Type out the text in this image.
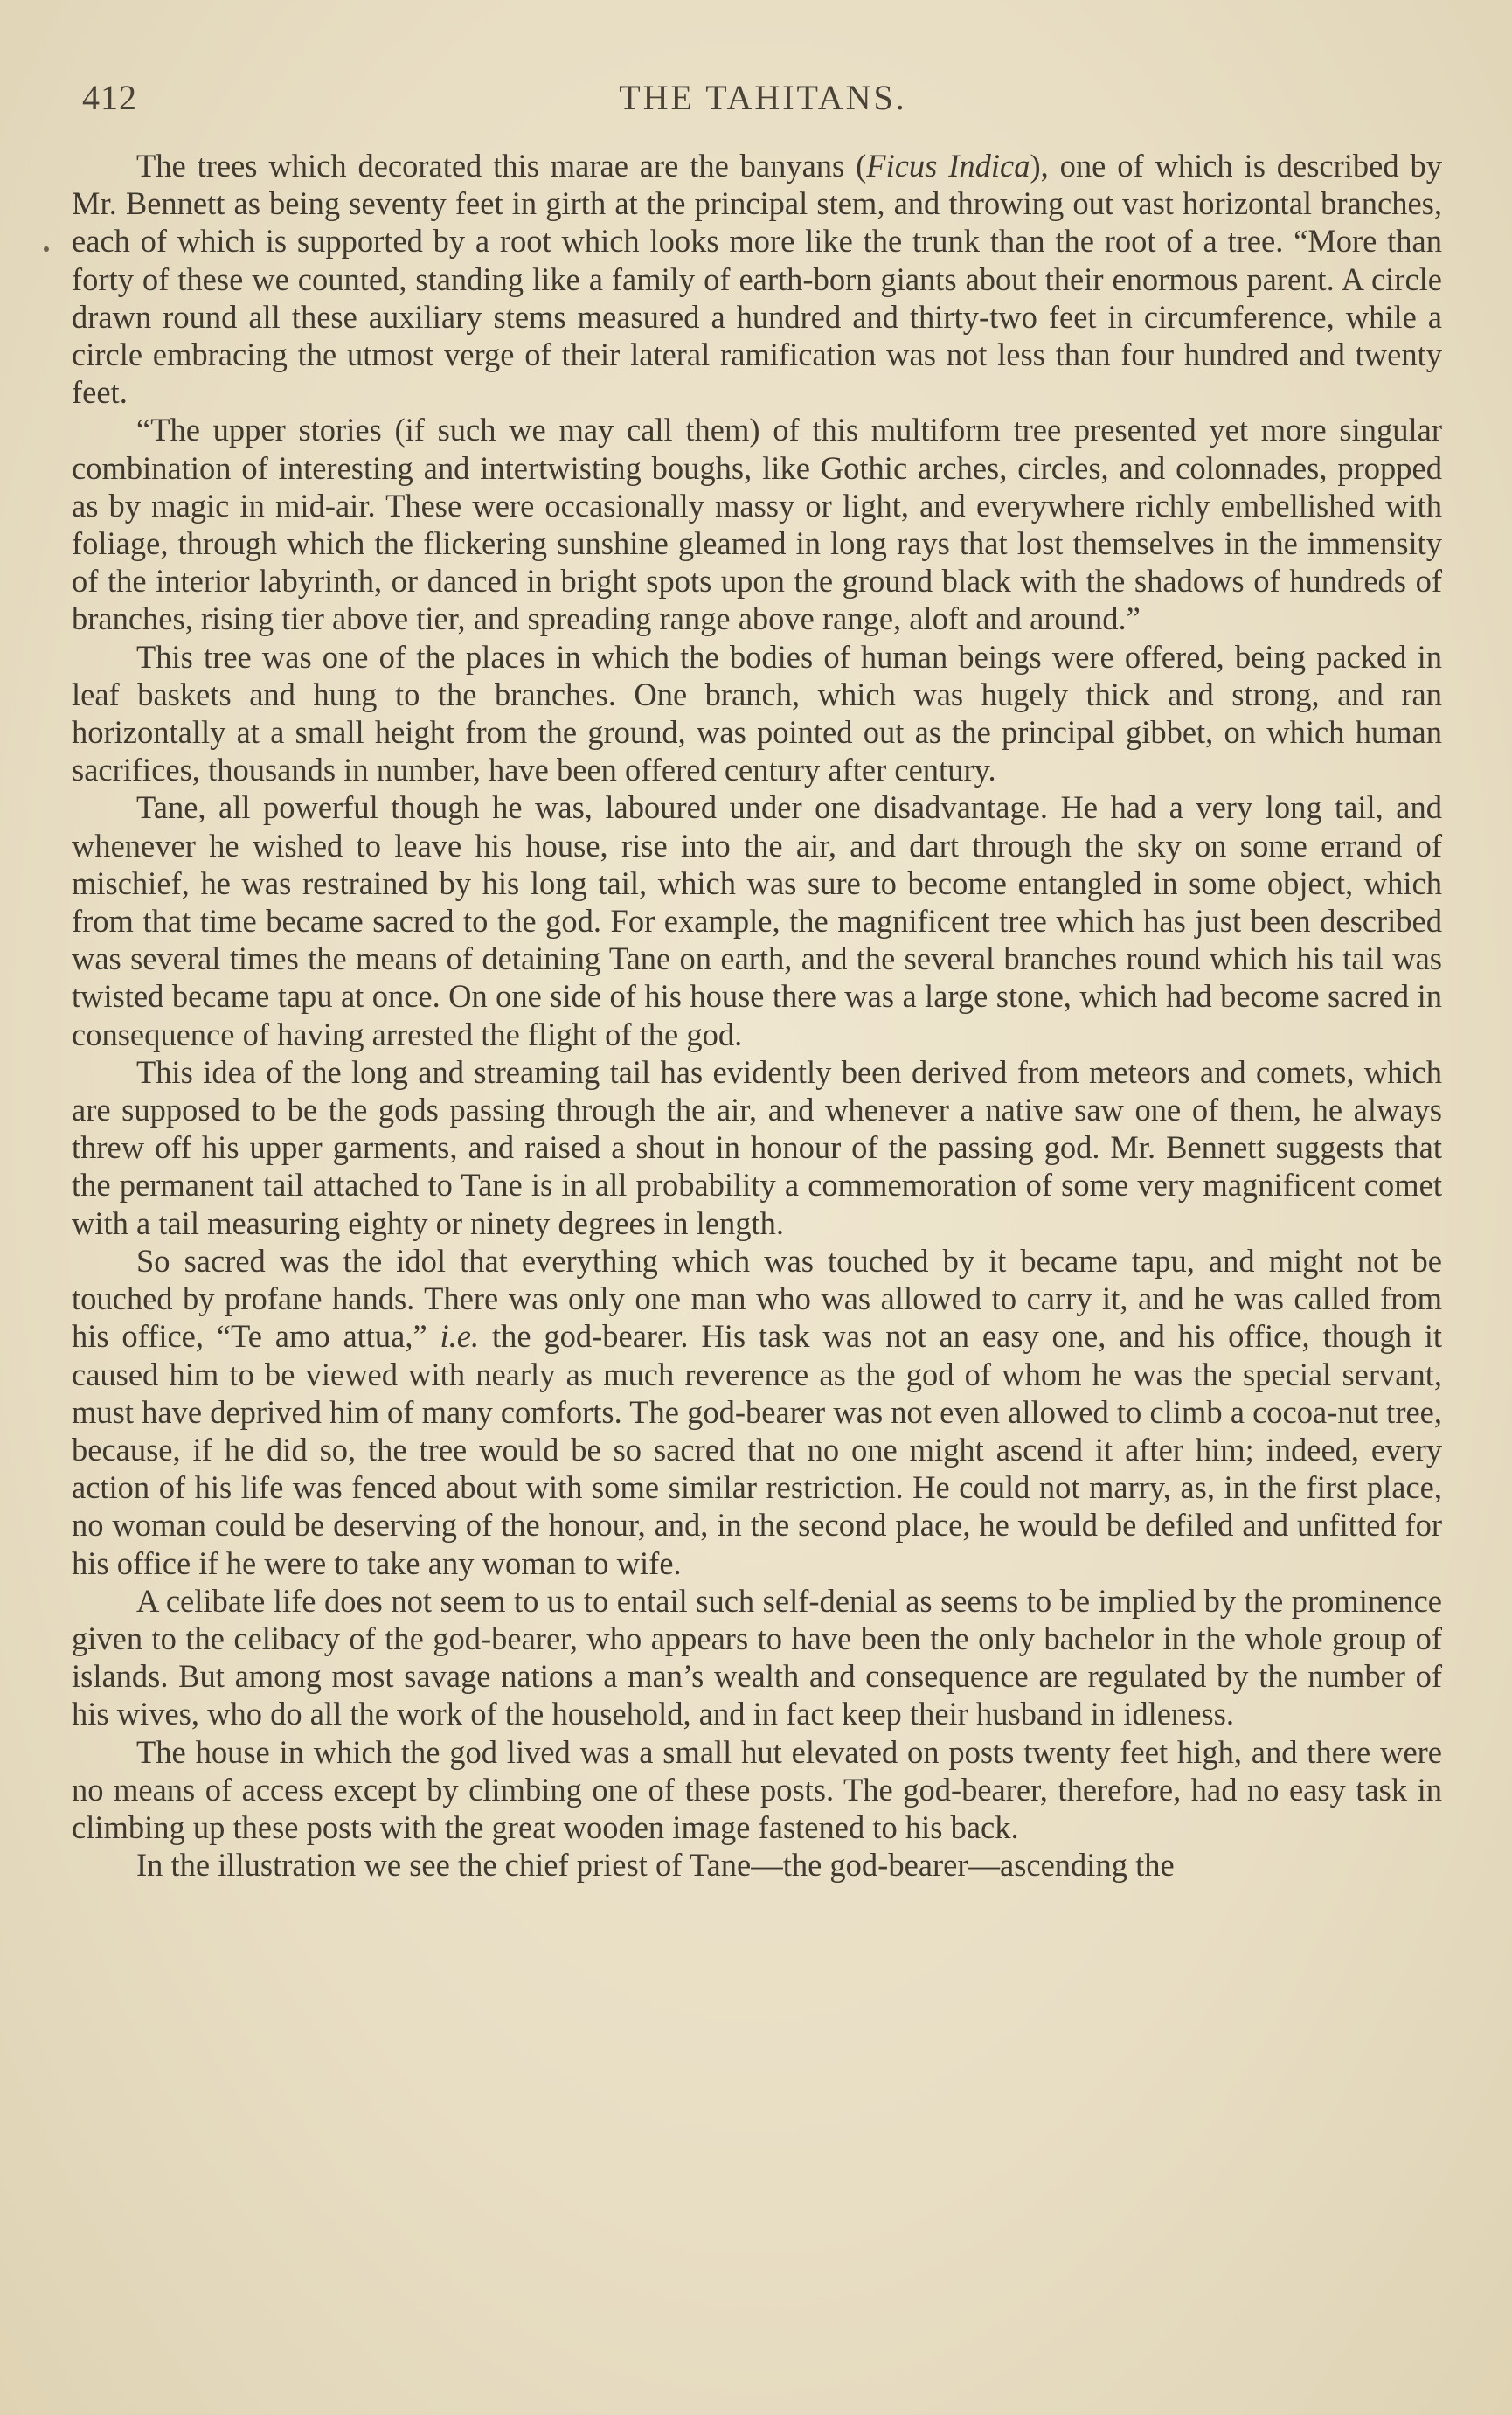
412	THE TAHITANS.

The trees which decorated this marae are the banyans (Ficus Indica), one of which is described by Mr. Bennett as being seventy feet in girth at the principal stem, and throwing out vast horizontal branches, each of which is supported by a root which looks more like the trunk than the root of a tree. “More than forty of these we counted, standing like a family of earth-born giants about their enormous parent. A circle drawn round all these auxiliary stems measured a hundred and thirty-two feet in circumference, while a circle embracing the utmost verge of their lateral ramification was not less than four hundred and twenty feet.

“The upper stories (if such we may call them) of this multiform tree presented yet more singular combination of interesting and intertwisting boughs, like Gothic arches, circles, and colonnades, propped as by magic in mid-air. These were occasionally massy or light, and everywhere richly embellished with foliage, through which the flickering sunshine gleamed in long rays that lost themselves in the immensity of the interior labyrinth, or danced in bright spots upon the ground black with the shadows of hundreds of branches, rising tier above tier, and spreading range above range, aloft and around.”

This tree was one of the places in which the bodies of human beings were offered, being packed in leaf baskets and hung to the branches. One branch, which was hugely thick and strong, and ran horizontally at a small height from the ground, was pointed out as the principal gibbet, on which human sacrifices, thousands in number, have been offered century after century.

Tane, all powerful though he was, laboured under one disadvantage. He had a very long tail, and whenever he wished to leave his house, rise into the air, and dart through the sky on some errand of mischief, he was restrained by his long tail, which was sure to become entangled in some object, which from that time became sacred to the god. For example, the magnificent tree which has just been described was several times the means of detaining Tane on earth, and the several branches round which his tail was twisted became tapu at once. On one side of his house there was a large stone, which had become sacred in consequence of having arrested the flight of the god.

This idea of the long and streaming tail has evidently been derived from meteors and comets, which are supposed to be the gods passing through the air, and whenever a native saw one of them, he always threw off his upper garments, and raised a shout in honour of the passing god. Mr. Bennett suggests that the permanent tail attached to Tane is in all probability a commemoration of some very magnificent comet with a tail measuring eighty or ninety degrees in length.

So sacred was the idol that everything which was touched by it became tapu, and might not be touched by profane hands. There was only one man who was allowed to carry it, and he was called from his office, “Te amo attua,” i.e. the god-bearer. His task was not an easy one, and his office, though it caused him to be viewed with nearly as much reverence as the god of whom he was the special servant, must have deprived him of many comforts. The god-bearer was not even allowed to climb a cocoa-nut tree, because, if he did so, the tree would be so sacred that no one might ascend it after him; indeed, every action of his life was fenced about with some similar restriction. He could not marry, as, in the first place, no woman could be deserving of the honour, and, in the second place, he would be defiled and unfitted for his office if he were to take any woman to wife.

A celibate life does not seem to us to entail such self-denial as seems to be implied by the prominence given to the celibacy of the god-bearer, who appears to have been the only bachelor in the whole group of islands. But among most savage nations a man’s wealth and consequence are regulated by the number of his wives, who do all the work of the household, and in fact keep their husband in idleness.

The house in which the god lived was a small hut elevated on posts twenty feet high, and there were no means of access except by climbing one of these posts. The god-bearer, therefore, had no easy task in climbing up these posts with the great wooden image fastened to his back.

In the illustration we see the chief priest of Tane—the god-bearer—ascending the
